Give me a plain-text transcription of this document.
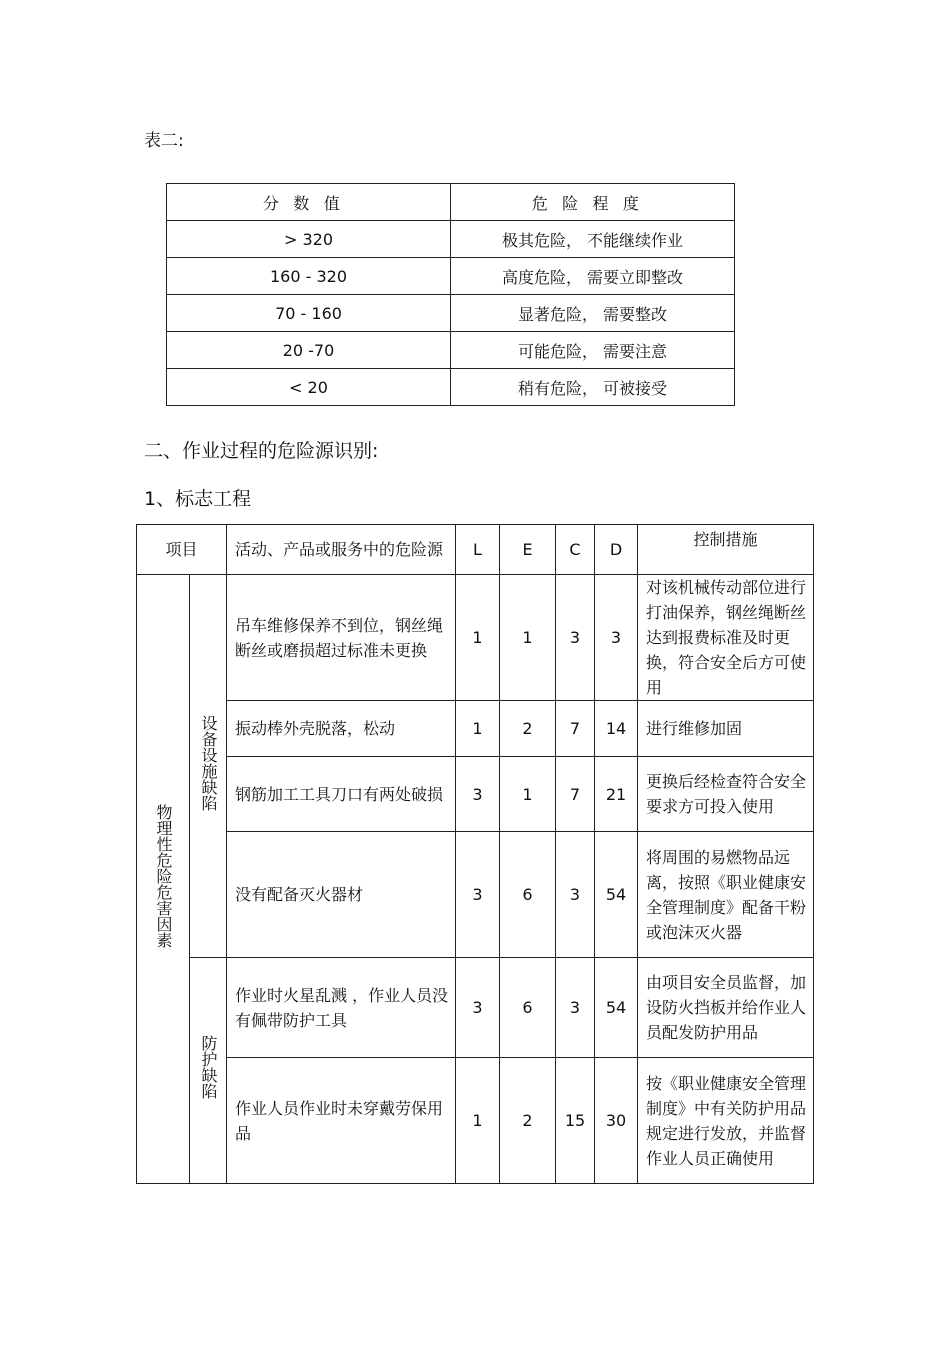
表二:
分数值	危险程度
> 320	极其危险， 不能继续作业
160 - 320	高度危险， 需要立即整改
70 - 160	显著危险， 需要整改
20 -70	可能危险， 需要注意
< 20	稍有危险， 可被接受
二、作业过程的危险源识别:
1、标志工程
项目		活动、产品或服务中的危险源	L	E	C	D	控制措施
物理性危险危害因素	设备设施缺陷	吊车维修保养不到位，钢丝绳断丝或磨损超过标准未更换	1	1	3	3	对该机械传动部位进行打油保养，钢丝绳断丝达到报费标准及时更换，符合安全后方可使用
		振动棒外壳脱落，松动	1	2	7	14	进行维修加固
		钢筋加工工具刀口有两处破损	3	1	7	21	更换后经检查符合安全要求方可投入使用
		没有配备灭火器材	3	6	3	54	将周围的易燃物品远离，按照《职业健康安全管理制度》配备干粉或泡沫灭火器
	防护缺陷	作业时火星乱溅 ，作业人员没有佩带防护工具	3	6	3	54	由项目安全员监督，加设防火挡板并给作业人员配发防护用品
		作业人员作业时未穿戴劳保用品	1	2	15	30	按《职业健康安全管理制度》中有关防护用品规定进行发放，并监督作业人员正确使用
